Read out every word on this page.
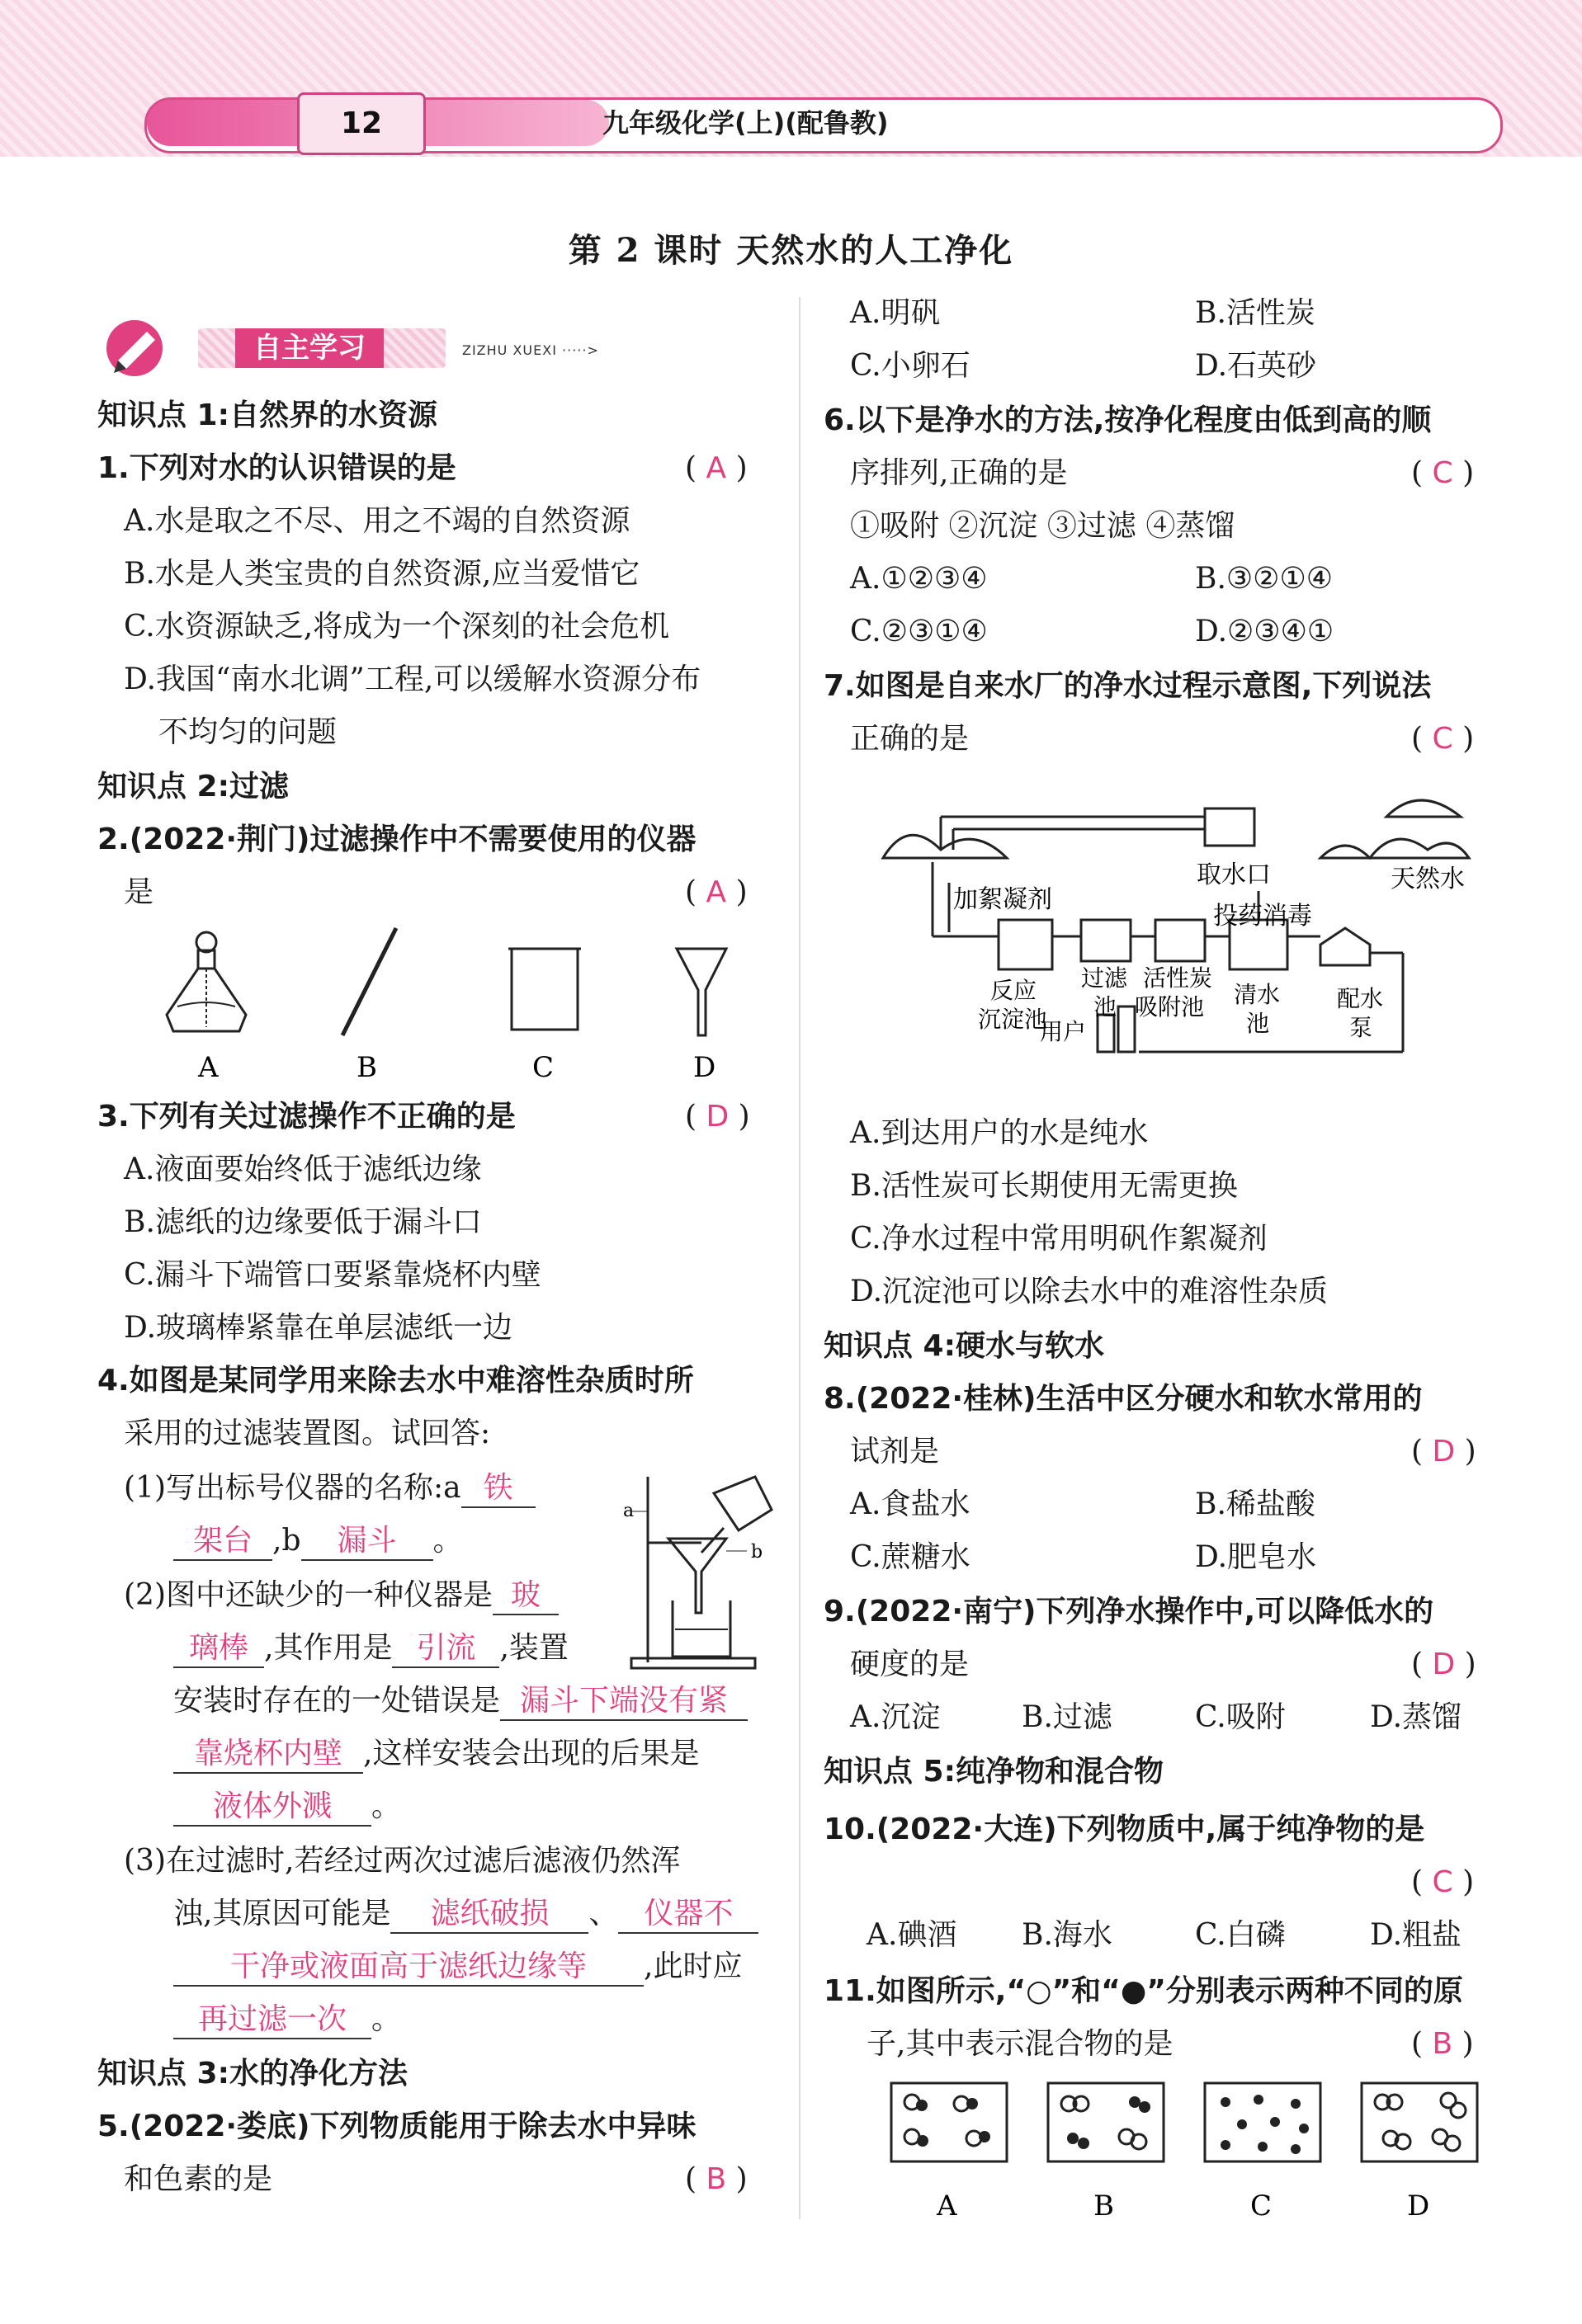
12	九年级化学(上)(配鲁教)
第 2 课时 天然水的人工净化
自主学习	ZIZHU XUEXI ·····>
知识点 1:自然界的水资源
1.下列对水的认识错误的是	( A )
A.水是取之不尽、用之不竭的自然资源
B.水是人类宝贵的自然资源,应当爱惜它
C.水资源缺乏,将成为一个深刻的社会危机
D.我国“南水北调”工程,可以缓解水资源分布
不均匀的问题
知识点 2:过滤
2.(2022·荆门)过滤操作中不需要使用的仪器
是	( A )
A	B	C	D
3.下列有关过滤操作不正确的是	( D )
A.液面要始终低于滤纸边缘
B.滤纸的边缘要低于漏斗口
C.漏斗下端管口要紧靠烧杯内壁
D.玻璃棒紧靠在单层滤纸一边
4.如图是某同学用来除去水中难溶性杂质时所
采用的过滤装置图。试回答:
(1)写出标号仪器的名称:a 铁
架台 ,b 漏斗 。
(2)图中还缺少的一种仪器是 玻
璃棒 ,其作用是 引流 ,装置
安装时存在的一处错误是 漏斗下端没有紧
靠烧杯内壁 ,这样安装会出现的后果是
液体外溅 。
(3)在过滤时,若经过两次过滤后滤液仍然浑
浊,其原因可能是 滤纸破损 、 仪器不
干净或液面高于滤纸边缘等 ,此时应
再过滤一次 。
a
b
知识点 3:水的净化方法
5.(2022·娄底)下列物质能用于除去水中异味
和色素的是	( B )
A.明矾	B.活性炭
C.小卵石	D.石英砂
6.以下是净水的方法,按净化程度由低到高的顺
序排列,正确的是	( C )
①吸附 ②沉淀 ③过滤 ④蒸馏
A.①②③④	B.③②①④
C.②③①④	D.②③④①
7.如图是自来水厂的净水过程示意图,下列说法
正确的是	( C )
取水口	天然水
加絮凝剂
投药消毒
反应
沉淀池
过滤
池
活性炭
吸附池 清水
池
配水
泵
用户
A.到达用户的水是纯水
B.活性炭可长期使用无需更换
C.净水过程中常用明矾作絮凝剂
D.沉淀池可以除去水中的难溶性杂质
知识点 4:硬水与软水
8.(2022·桂林)生活中区分硬水和软水常用的
试剂是	( D )
A.食盐水	B.稀盐酸
C.蔗糖水	D.肥皂水
9.(2022·南宁)下列净水操作中,可以降低水的
硬度的是	( D )
A.沉淀	B.过滤	C.吸附	D.蒸馏
知识点 5:纯净物和混合物
10.(2022·大连)下列物质中,属于纯净物的是
( C )
A.碘酒 B.海水	C.白磷	D.粗盐
11.如图所示,“○”和“●”分别表示两种不同的原
子,其中表示混合物的是	( B )
A	B	C	D
